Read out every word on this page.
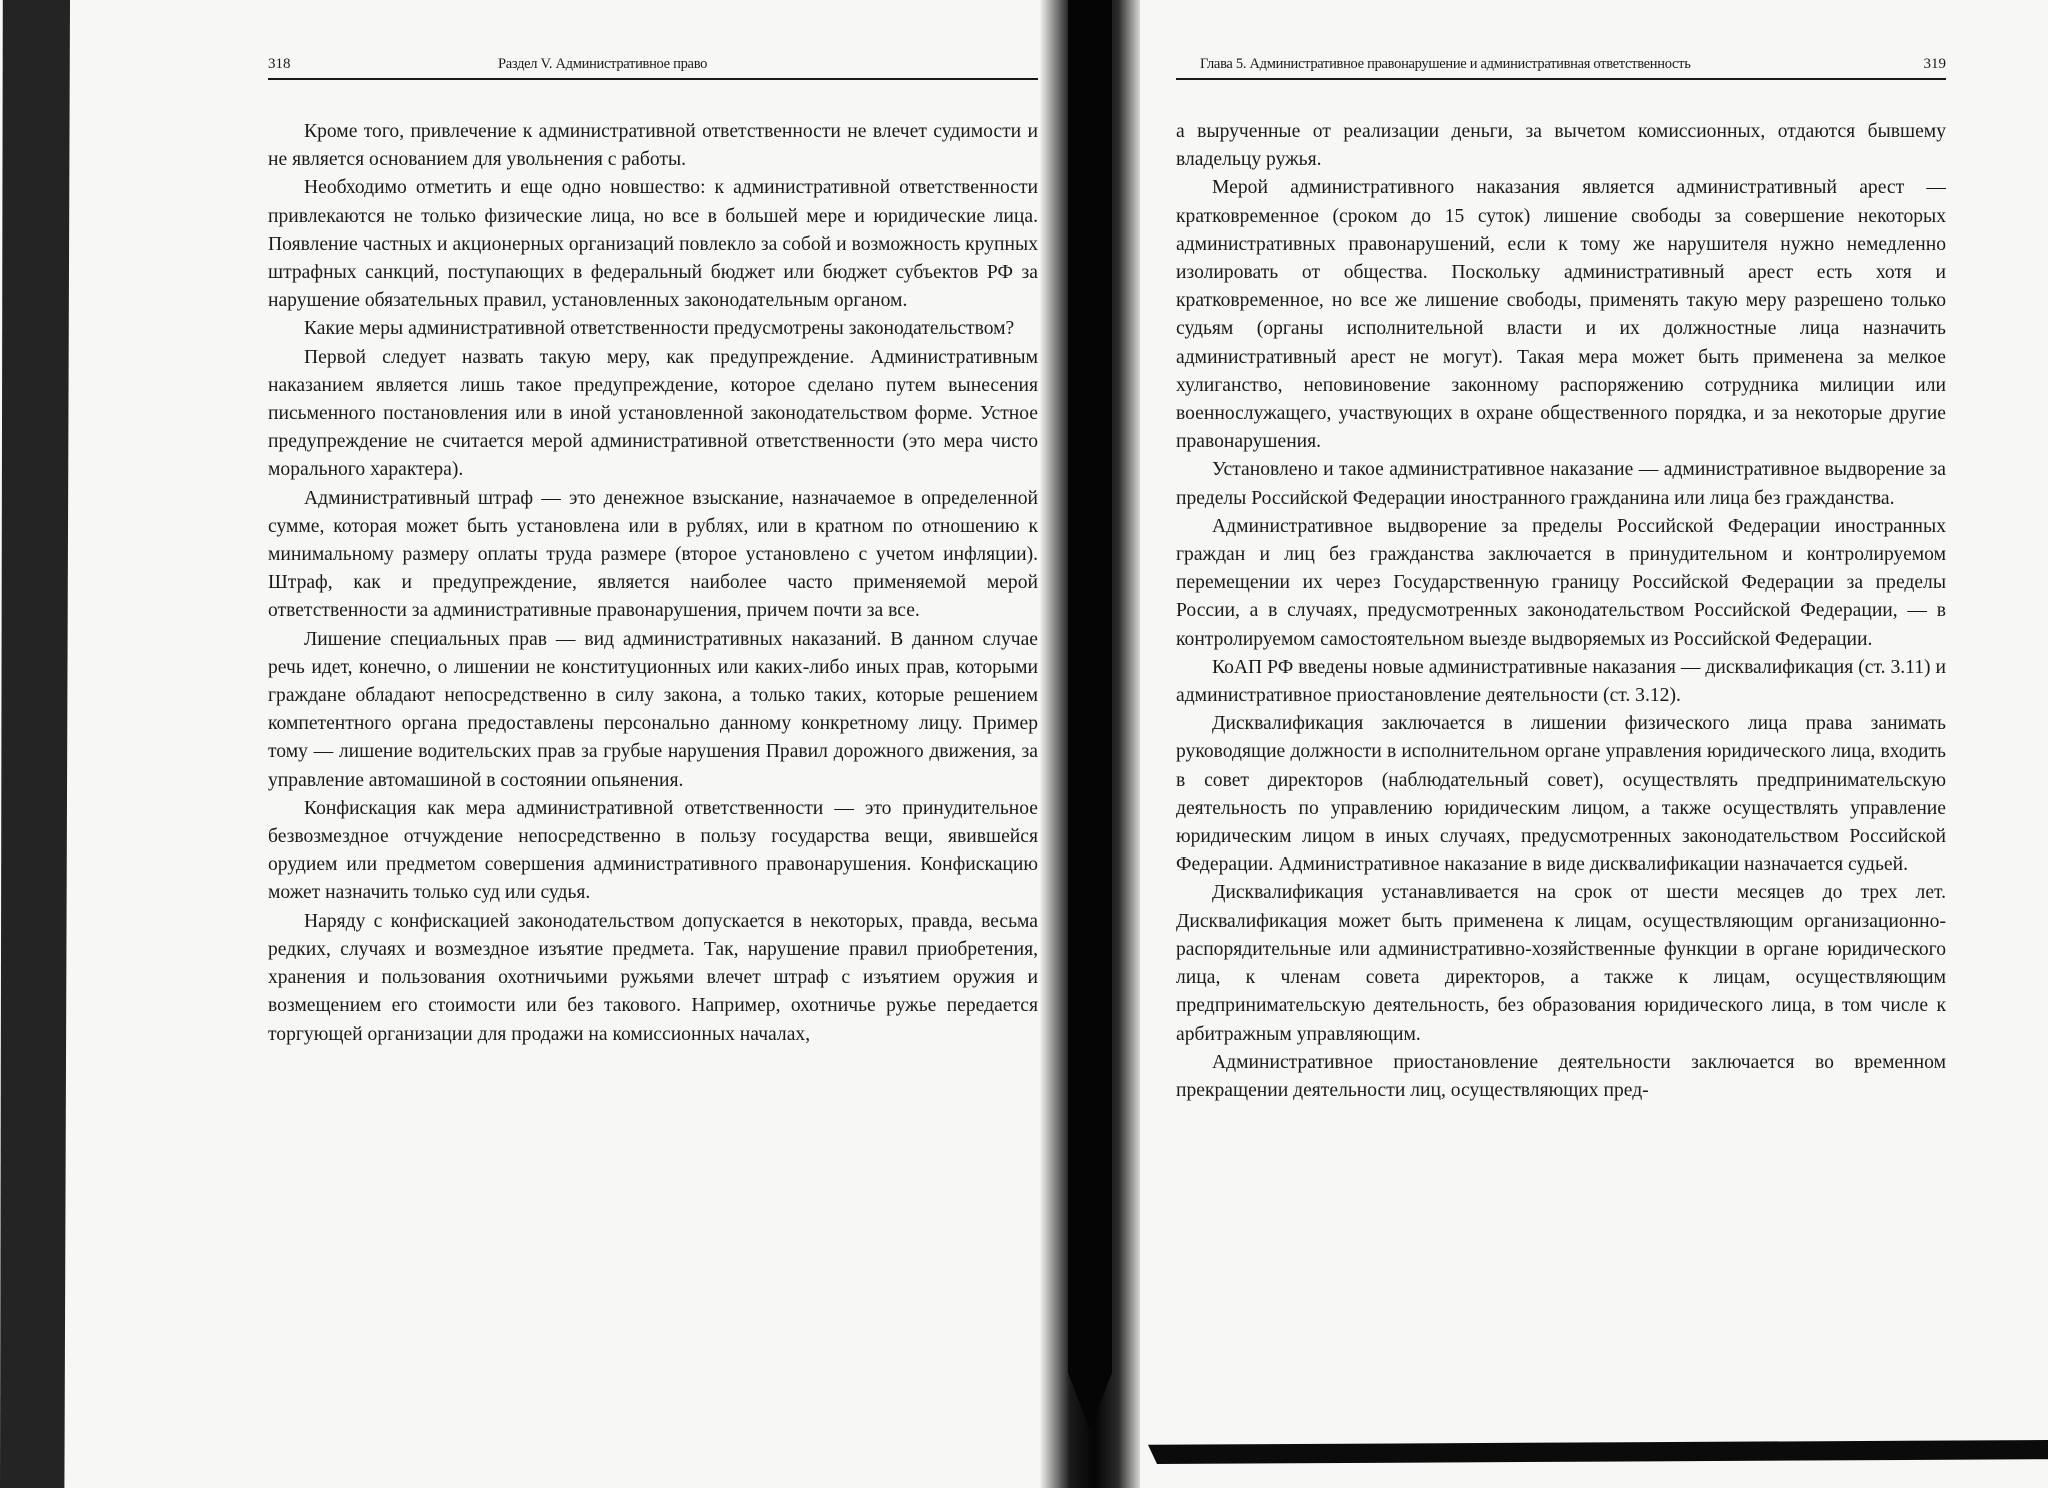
318	Раздел V. Административное право

Кроме того, привлечение к административной ответственности не влечет судимости и не является основанием для увольнения с работы.

Необходимо отметить и еще одно новшество: к административной ответственности привлекаются не только физические лица, но все в большей мере и юридические лица. Появление частных и акционерных организаций повлекло за собой и возможность крупных штрафных санкций, поступающих в федеральный бюджет или бюджет субъектов РФ за нарушение обязательных правил, установленных законодательным органом.

Какие меры административной ответственности предусмотрены законодательством?

Первой следует назвать такую меру, как предупреждение. Административным наказанием является лишь такое предупреждение, которое сделано путем вынесения письменного постановления или в иной установленной законодательством форме. Устное предупреждение не считается мерой административной ответственности (это мера чисто морального характера).

Административный штраф — это денежное взыскание, назначаемое в определенной сумме, которая может быть установлена или в рублях, или в кратном по отношению к минимальному размеру оплаты труда размере (второе установлено с учетом инфляции). Штраф, как и предупреждение, является наиболее часто применяемой мерой ответственности за административные правонарушения, причем почти за все.

Лишение специальных прав — вид административных наказаний. В данном случае речь идет, конечно, о лишении не конституционных или каких-либо иных прав, которыми граждане обладают непосредственно в силу закона, а только таких, которые решением компетентного органа предоставлены персонально данному конкретному лицу. Пример тому — лишение водительских прав за грубые нарушения Правил дорожного движения, за управление автомашиной в состоянии опьянения.

Конфискация как мера административной ответственности — это принудительное безвозмездное отчуждение непосредственно в пользу государства вещи, явившейся орудием или предметом совершения административного правонарушения. Конфискацию может назначить только суд или судья.

Наряду с конфискацией законодательством допускается в некоторых, правда, весьма редких, случаях и возмездное изъятие предмета. Так, нарушение правил приобретения, хранения и пользования охотничьими ружьями влечет штраф с изъятием оружия и возмещением его стоимости или без такового. Например, охотничье ружье передается торгующей организации для продажи на комиссионных началах,

Глава 5. Административное правонарушение и административная ответственность	319

а вырученные от реализации деньги, за вычетом комиссионных, отдаются бывшему владельцу ружья.

Мерой административного наказания является административный арест — кратковременное (сроком до 15 суток) лишение свободы за совершение некоторых административных правонарушений, если к тому же нарушителя нужно немедленно изолировать от общества. Поскольку административный арест есть хотя и кратковременное, но все же лишение свободы, применять такую меру разрешено только судьям (органы исполнительной власти и их должностные лица назначить административный арест не могут). Такая мера может быть применена за мелкое хулиганство, неповиновение законному распоряжению сотрудника милиции или военнослужащего, участвующих в охране общественного порядка, и за некоторые другие правонарушения.

Установлено и такое административное наказание — административное выдворение за пределы Российской Федерации иностранного гражданина или лица без гражданства.

Административное выдворение за пределы Российской Федерации иностранных граждан и лиц без гражданства заключается в принудительном и контролируемом перемещении их через Государственную границу Российской Федерации за пределы России, а в случаях, предусмотренных законодательством Российской Федерации, — в контролируемом самостоятельном выезде выдворяемых из Российской Федерации.

КоАП РФ введены новые административные наказания — дисквалификация (ст. 3.11) и административное приостановление деятельности (ст. 3.12).

Дисквалификация заключается в лишении физического лица права занимать руководящие должности в исполнительном органе управления юридического лица, входить в совет директоров (наблюдательный совет), осуществлять предпринимательскую деятельность по управлению юридическим лицом, а также осуществлять управление юридическим лицом в иных случаях, предусмотренных законодательством Российской Федерации. Административное наказание в виде дисквалификации назначается судьей.

Дисквалификация устанавливается на срок от шести месяцев до трех лет. Дисквалификация может быть применена к лицам, осуществляющим организационно-распорядительные или административно-хозяйственные функции в органе юридического лица, к членам совета директоров, а также к лицам, осуществляющим предпринимательскую деятельность, без образования юридического лица, в том числе к арбитражным управляющим.

Административное приостановление деятельности заключается во временном прекращении деятельности лиц, осуществляющих пред-
